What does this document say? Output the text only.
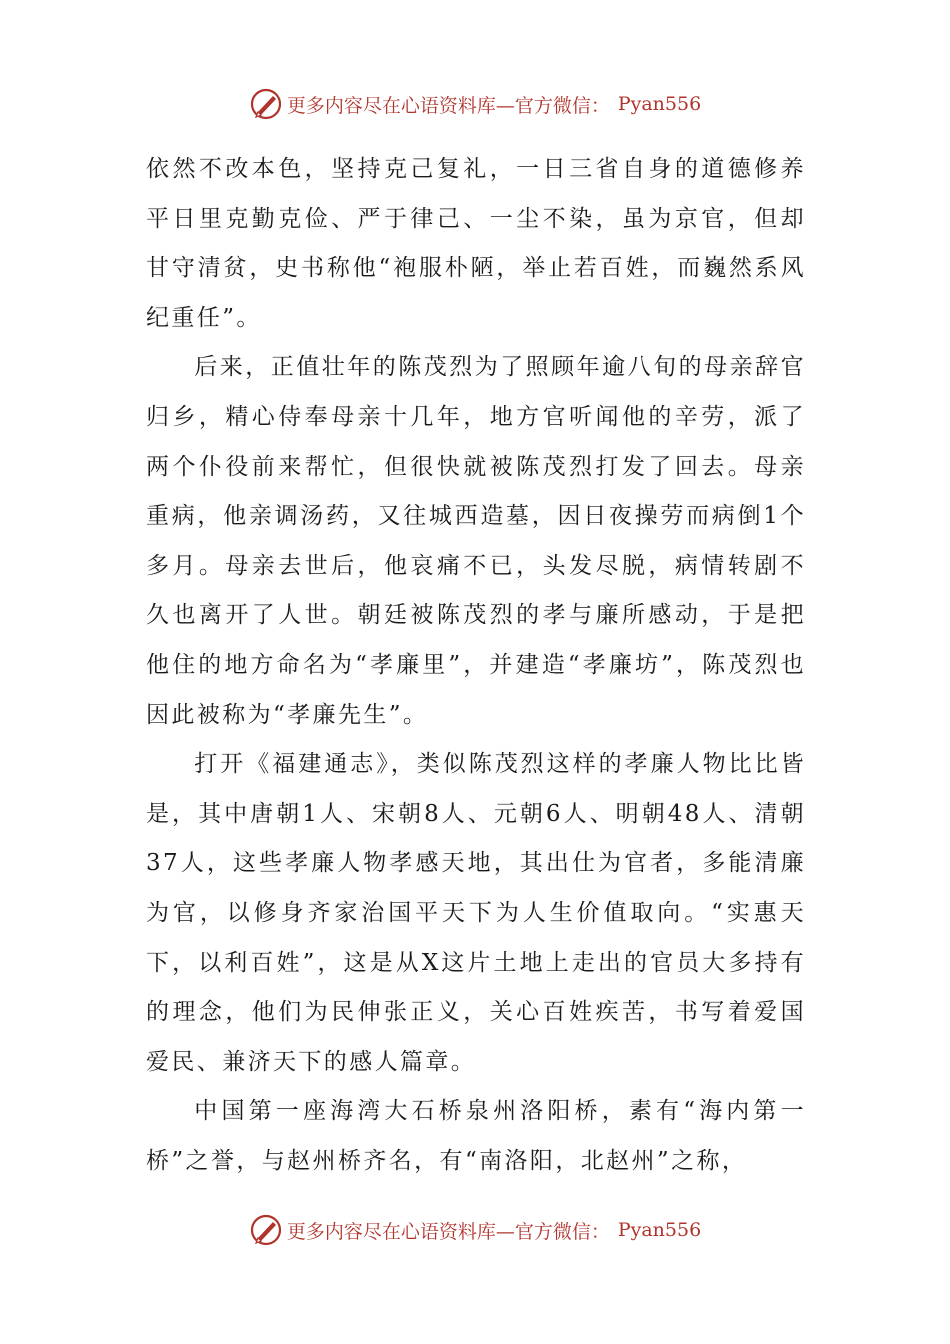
更多内容尽在心语资料库—官方微信： Pyan556

依然不改本色，坚持克己复礼，一日三省自身的道德修养平日里克勤克俭、严于律己、一尘不染，虽为京官，但却甘守清贫，史书称他“袍服朴陋，举止若百姓，而巍然系风纪重任”。

后来，正值壮年的陈茂烈为了照顾年逾八旬的母亲辞官归乡，精心侍奉母亲十几年，地方官听闻他的辛劳，派了两个仆役前来帮忙，但很快就被陈茂烈打发了回去。母亲重病，他亲调汤药，又往城西造墓，因日夜操劳而病倒1个多月。母亲去世后，他哀痛不已，头发尽脱，病情转剧不久也离开了人世。朝廷被陈茂烈的孝与廉所感动，于是把他住的地方命名为“孝廉里”，并建造“孝廉坊”，陈茂烈也因此被称为“孝廉先生”。

打开《福建通志》，类似陈茂烈这样的孝廉人物比比皆是，其中唐朝1人、宋朝8人、元朝6人、明朝48人、清朝37人，这些孝廉人物孝感天地，其出仕为官者，多能清廉为官，以修身齐家治国平天下为人生价值取向。“实惠天下，以利百姓”，这是从X这片土地上走出的官员大多持有的理念，他们为民伸张正义，关心百姓疾苦，书写着爱国爱民、兼济天下的感人篇章。

中国第一座海湾大石桥泉州洛阳桥，素有“海内第一桥”之誉，与赵州桥齐名，有“南洛阳，北赵州”之称，

更多内容尽在心语资料库—官方微信： Pyan556
